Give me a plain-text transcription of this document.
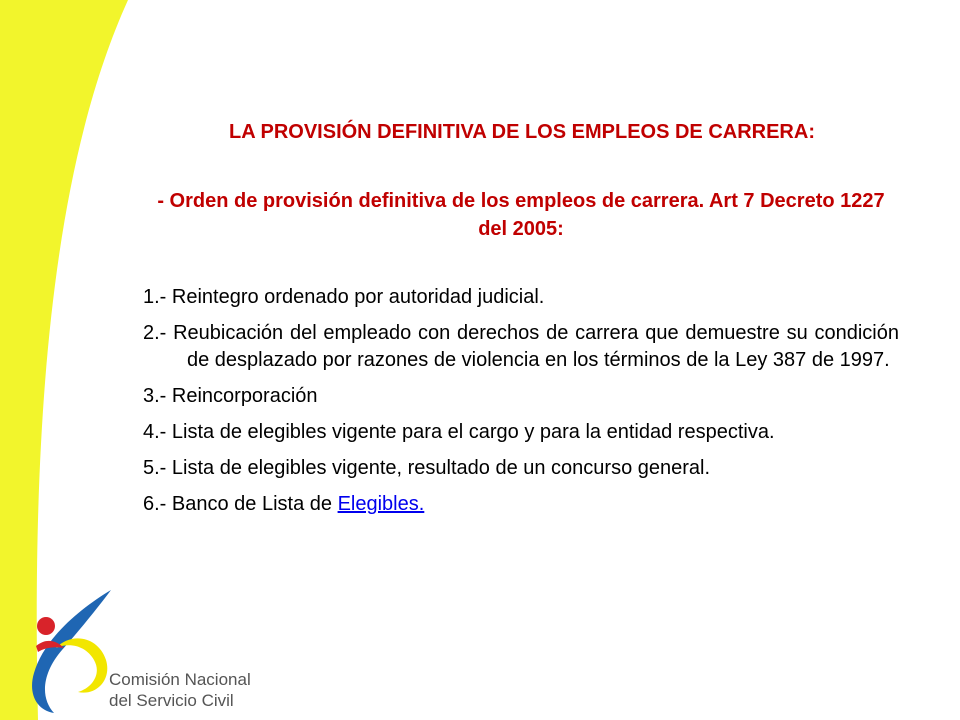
LA PROVISIÓN DEFINITIVA DE LOS EMPLEOS DE CARRERA:
- Orden de provisión definitiva de los empleos de carrera. Art 7 Decreto 1227 del 2005:
1.- Reintegro ordenado por autoridad judicial.
2.- Reubicación del empleado con derechos de carrera que demuestre su condición de desplazado por razones de violencia en los términos de la Ley 387 de 1997.
3.- Reincorporación
4.- Lista de elegibles vigente para el cargo y para la entidad respectiva.
5.- Lista de elegibles vigente, resultado de un concurso general.
6.- Banco de Lista de Elegibles.
Comisión Nacional
del Servicio Civil
